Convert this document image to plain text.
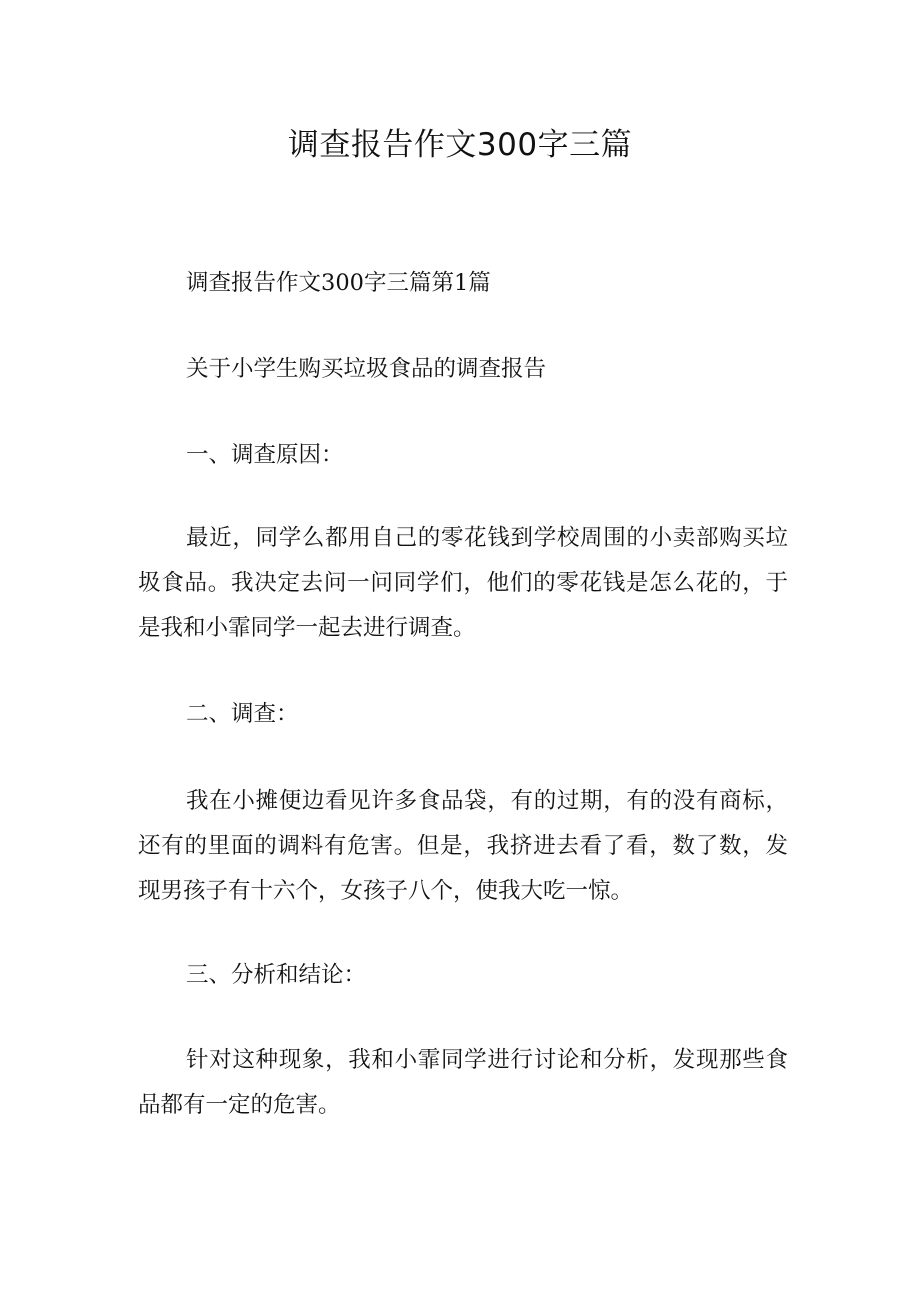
调查报告作文300字三篇

调查报告作文300字三篇第1篇

关于小学生购买垃圾食品的调查报告

一、调查原因：

最近，同学么都用自己的零花钱到学校周围的小卖部购买垃圾食品。我决定去问一问同学们，他们的零花钱是怎么花的，于是我和小霏同学一起去进行调查。

二、调查：

我在小摊便边看见许多食品袋，有的过期，有的没有商标，还有的里面的调料有危害。但是，我挤进去看了看，数了数，发现男孩子有十六个，女孩子八个，使我大吃一惊。

三、分析和结论：

针对这种现象，我和小霏同学进行讨论和分析，发现那些食品都有一定的危害。
